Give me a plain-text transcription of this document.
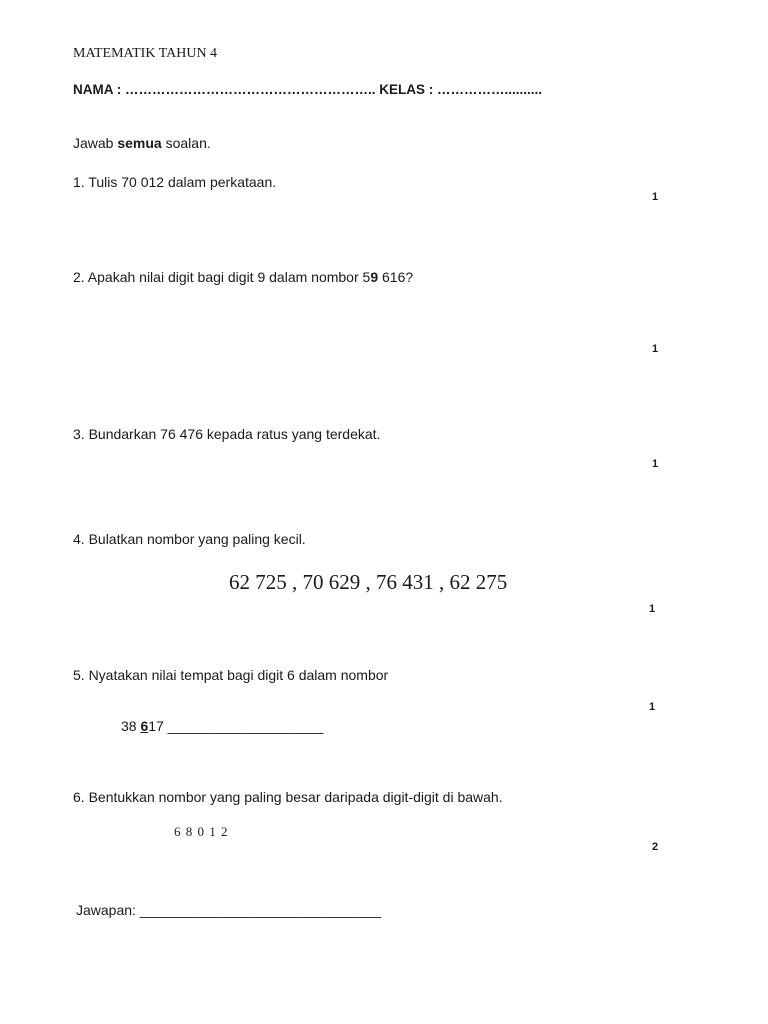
MATEMATIK TAHUN 4
NAMA : ……………………………………………….. KELAS : ……………..........
Jawab semua soalan.
1. Tulis 70 012 dalam perkataan.
1
2. Apakah nilai digit bagi digit 9 dalam nombor 59 616?
1
3. Bundarkan 76 476 kepada ratus yang terdekat.
1
4. Bulatkan nombor yang paling kecil.
62 725 , 70 629 , 76 431 , 62 275
1
5. Nyatakan nilai tempat bagi digit 6 dalam nombor
1
38 617 ____________________
6. Bentukkan nombor yang paling besar daripada digit-digit di bawah.
6 8 0 1 2
2
Jawapan: _______________________________
